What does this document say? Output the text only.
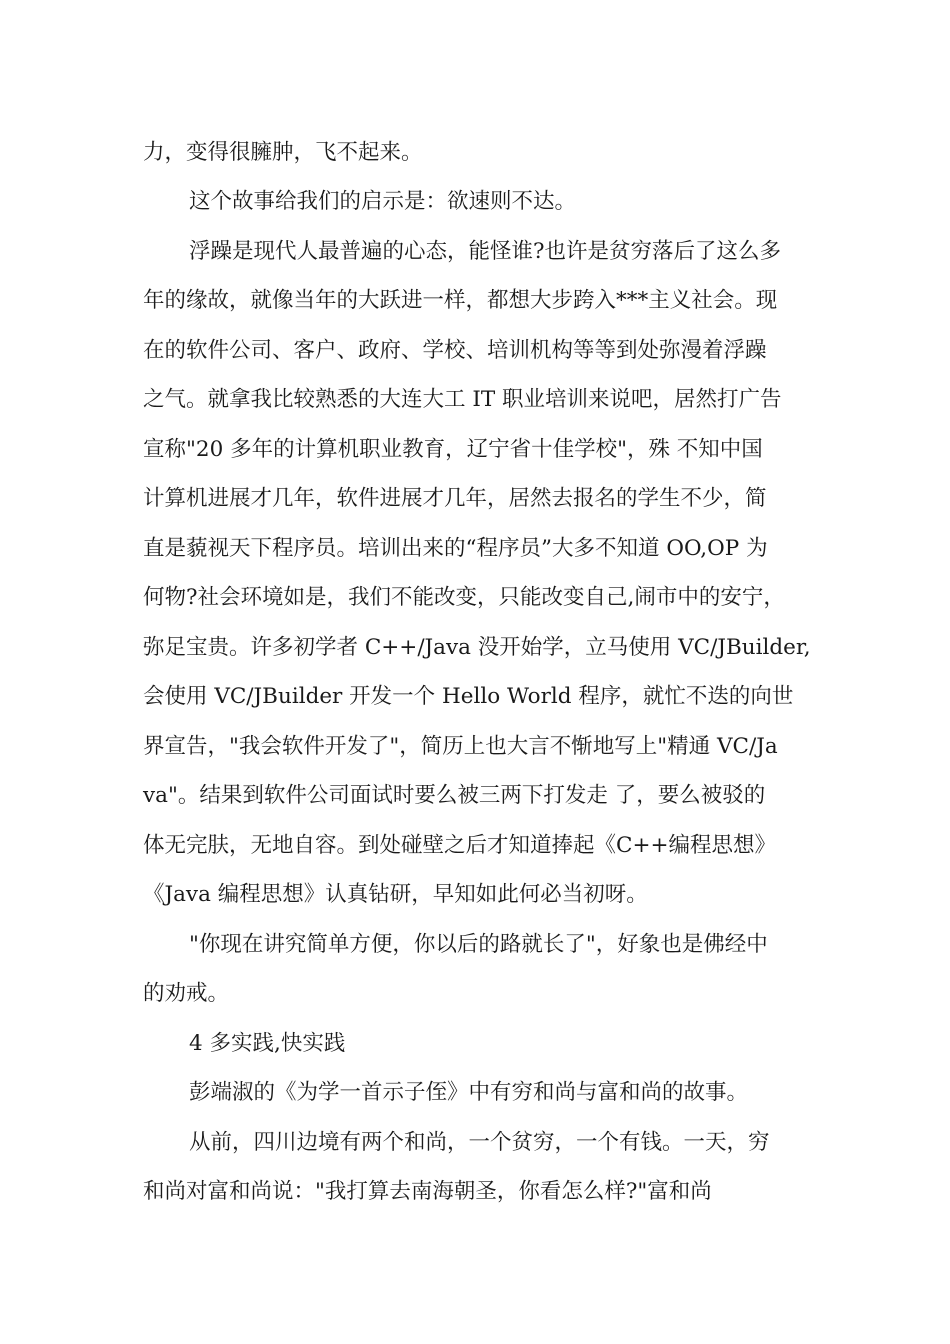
力，变得很臃肿，飞不起来。
这个故事给我们的启示是：欲速则不达。
浮躁是现代人最普遍的心态，能怪谁?也许是贫穷落后了这么多
年的缘故，就像当年的大跃进一样，都想大步跨入***主义社会。现
在的软件公司、客户、政府、学校、培训机构等等到处弥漫着浮躁
之气。就拿我比较熟悉的大连大工 IT 职业培训来说吧，居然打广告
宣称"20 多年的计算机职业教育，辽宁省十佳学校"，殊 不知中国
计算机进展才几年，软件进展才几年，居然去报名的学生不少，简
直是藐视天下程序员。培训出来的“程序员”大多不知道 OO,OP 为
何物?社会环境如是，我们不能改变，只能改变自己,闹市中的安宁，
弥足宝贵。许多初学者 C++/Java 没开始学，立马使用 VC/JBuilder,
会使用 VC/JBuilder 开发一个 Hello World 程序，就忙不迭的向世
界宣告，"我会软件开发了"，简历上也大言不惭地写上"精通 VC/Ja
va"。结果到软件公司面试时要么被三两下打发走 了，要么被驳的
体无完肤，无地自容。到处碰壁之后才知道捧起《C++编程思想》
《Java 编程思想》认真钻研，早知如此何必当初呀。
"你现在讲究简单方便，你以后的路就长了"，好象也是佛经中
的劝戒。
4 多实践,快实践
彭端淑的《为学一首示子侄》中有穷和尚与富和尚的故事。
从前，四川边境有两个和尚，一个贫穷，一个有钱。一天，穷
和尚对富和尚说："我打算去南海朝圣，你看怎么样?"富和尚
